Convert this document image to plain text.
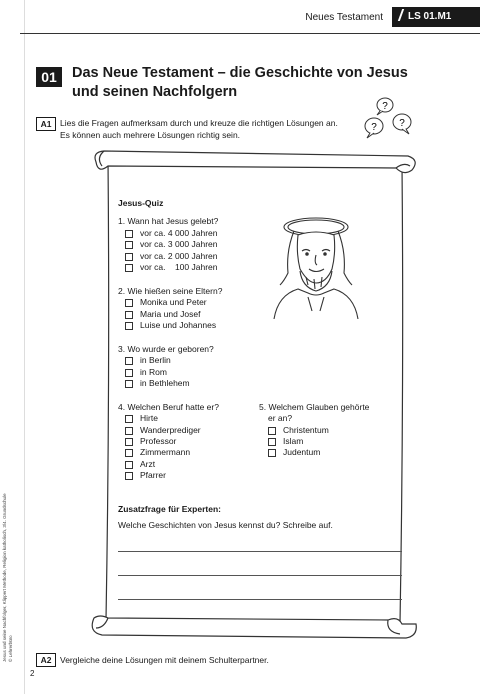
Neues Testament	LS 01.M1
01	Das Neue Testament – die Geschichte von Jesus und seinen Nachfolgern
A1	Lies die Fragen aufmerksam durch und kreuze die richtigen Lösungen an.
Es können auch mehrere Lösungen richtig sein.
?
? ?
Jesus-Quiz
1. Wann hat Jesus gelebt?
vor ca. 4 000 Jahren
vor ca. 3 000 Jahren
vor ca. 2 000 Jahren
vor ca.    100 Jahren
2. Wie hießen seine Eltern?
Monika und Peter
Maria und Josef
Luise und Johannes
3. Wo wurde er geboren?
in Berlin
in Rom
in Bethlehem
4. Welchen Beruf hatte er?
Hirte
Wanderprediger
Professor
Zimmermann
Arzt
Pfarrer
5. Welchem Glauben gehörte
er an?
Christentum
Islam
Judentum
Zusatzfrage für Experten:
Welche Geschichten von Jesus kennst du? Schreibe auf.
A2	Vergleiche deine Lösungen mit deinem Schulterpartner.
Jesus und seine Nachfolger, Klippert Methode, Religion katholisch, 3/4. Grundschule © Lehrerbüro
2
